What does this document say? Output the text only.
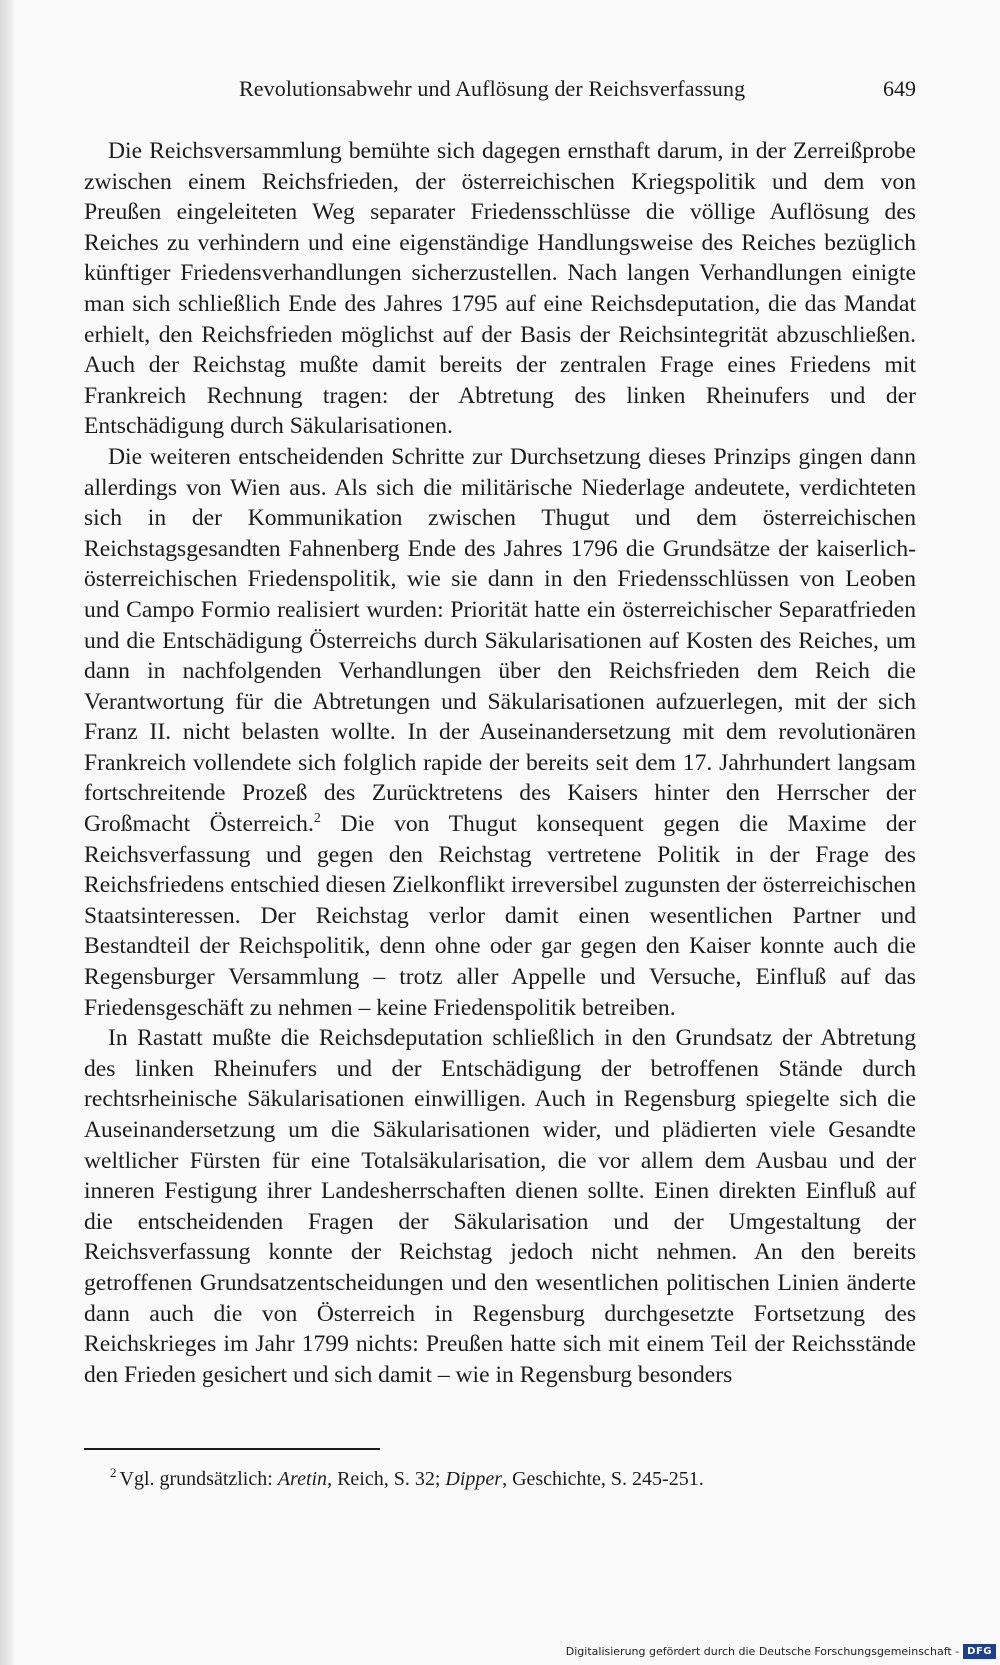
Revolutionsabwehr und Auflösung der Reichsverfassung	649

Die Reichsversammlung bemühte sich dagegen ernsthaft darum, in der Zerreißprobe zwischen einem Reichsfrieden, der österreichischen Kriegspolitik und dem von Preußen eingeleiteten Weg separater Friedensschlüsse die völlige Auflösung des Reiches zu verhindern und eine eigenständige Handlungsweise des Reiches bezüglich künftiger Friedensverhandlungen sicherzustellen. Nach langen Verhandlungen einigte man sich schließlich Ende des Jahres 1795 auf eine Reichsdeputation, die das Mandat erhielt, den Reichsfrieden möglichst auf der Basis der Reichsintegrität abzuschließen. Auch der Reichstag mußte damit bereits der zentralen Frage eines Friedens mit Frankreich Rechnung tragen: der Abtretung des linken Rheinufers und der Entschädigung durch Säkularisationen.

Die weiteren entscheidenden Schritte zur Durchsetzung dieses Prinzips gingen dann allerdings von Wien aus. Als sich die militärische Niederlage andeutete, verdichteten sich in der Kommunikation zwischen Thugut und dem österreichischen Reichstagsgesandten Fahnenberg Ende des Jahres 1796 die Grundsätze der kaiserlich-österreichischen Friedenspolitik, wie sie dann in den Friedensschlüssen von Leoben und Campo Formio realisiert wurden: Priorität hatte ein österreichischer Separatfrieden und die Entschädigung Österreichs durch Säkularisationen auf Kosten des Reiches, um dann in nachfolgenden Verhandlungen über den Reichsfrieden dem Reich die Verantwortung für die Abtretungen und Säkularisationen aufzuerlegen, mit der sich Franz II. nicht belasten wollte. In der Auseinandersetzung mit dem revolutionären Frankreich vollendete sich folglich rapide der bereits seit dem 17. Jahrhundert langsam fortschreitende Prozeß des Zurücktretens des Kaisers hinter den Herrscher der Großmacht Österreich.$^2$ Die von Thugut konsequent gegen die Maxime der Reichsverfassung und gegen den Reichstag vertretene Politik in der Frage des Reichsfriedens entschied diesen Zielkonflikt irreversibel zugunsten der österreichischen Staatsinteressen. Der Reichstag verlor damit einen wesentlichen Partner und Bestandteil der Reichspolitik, denn ohne oder gar gegen den Kaiser konnte auch die Regensburger Versammlung – trotz aller Appelle und Versuche, Einfluß auf das Friedensgeschäft zu nehmen – keine Friedenspolitik betreiben.

In Rastatt mußte die Reichsdeputation schließlich in den Grundsatz der Abtretung des linken Rheinufers und der Entschädigung der betroffenen Stände durch rechtsrheinische Säkularisationen einwilligen. Auch in Regensburg spiegelte sich die Auseinandersetzung um die Säkularisationen wider, und plädierten viele Gesandte weltlicher Fürsten für eine Totalsäkularisation, die vor allem dem Ausbau und der inneren Festigung ihrer Landesherrschaften dienen sollte. Einen direkten Einfluß auf die entscheidenden Fragen der Säkularisation und der Umgestaltung der Reichsverfassung konnte der Reichstag jedoch nicht nehmen. An den bereits getroffenen Grundsatzentscheidungen und den wesentlichen politischen Linien änderte dann auch die von Österreich in Regensburg durchgesetzte Fortsetzung des Reichskrieges im Jahr 1799 nichts: Preußen hatte sich mit einem Teil der Reichsstände den Frieden gesichert und sich damit – wie in Regensburg besonders

$^2$ Vgl. grundsätzlich: Aretin, Reich, S. 32; Dipper, Geschichte, S. 245-251.
Digitalisierung gefördert durch die Deutsche Forschungsgemeinschaft - DFG
